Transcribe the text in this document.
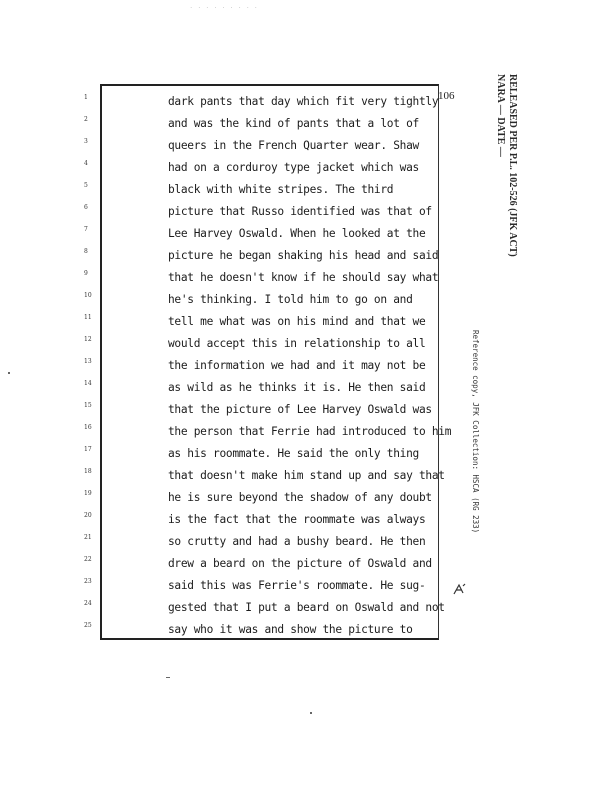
· · · · · · · · ·
1
2
3
4
5
6
7
8
9
10
11
12
13
14
15
16
17
18
19
20
21
22
23
24
25
106
dark pants that day which fit very tightly
and was the kind of pants that a lot of
queers in the French Quarter wear. Shaw
had on a corduroy type jacket which was
black with white stripes. The third
picture that Russo identified was that of
Lee Harvey Oswald. When he looked at the
picture he began shaking his head and said
that he doesn't know if he should say what
he's thinking. I told him to go on and
tell me what was on his mind and that we
would accept this in relationship to all
the information we had and it may not be
as wild as he thinks it is. He then said
that the picture of Lee Harvey Oswald was
the person that Ferrie had introduced to him
as his roommate. He said the only thing
that doesn't make him stand up and say that
he is sure beyond the shadow of any doubt
is the fact that the roommate was always
so crutty and had a bushy beard. He then
drew a beard on the picture of Oswald and
said this was Ferrie's roommate. He sug-
gested that I put a beard on Oswald and not
say who it was and show the picture to
RELEASED PER P.L. 102-526 (JFK ACT)
NARA — DATE —
Reference copy, JFK Collection: HSCA (RG 233)
